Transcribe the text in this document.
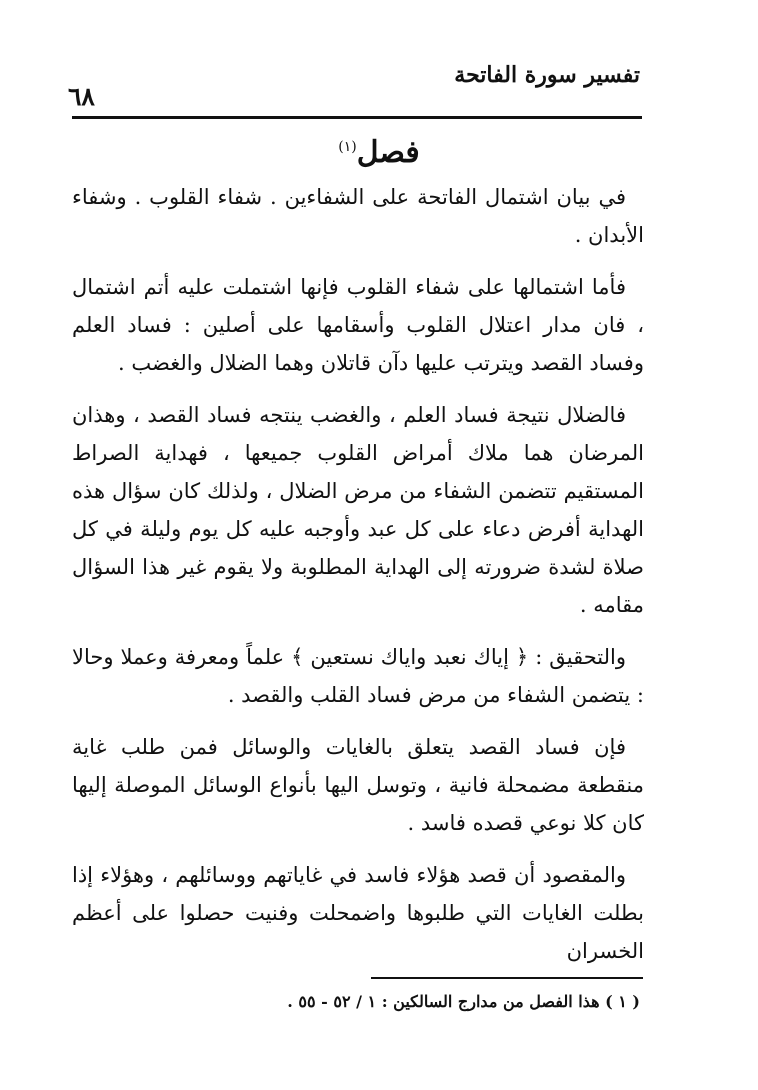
تفسير سورة الفاتحة
٦٨
فصل$^{(١)}$

في بيان اشتمال الفاتحة على الشفاءين . شفاء القلوب . وشفاء الأبدان .

فأما اشتمالها على شفاء القلوب فإنها اشتملت عليه أتم اشتمال ، فان مدار اعتلال القلوب وأسقامها على أصلين : فساد العلم وفساد القصد ويترتب عليها دآن قاتلان وهما الضلال والغضب .

فالضلال نتيجة فساد العلم ، والغضب ينتجه فساد القصد ، وهذان المرضان هما ملاك أمراض القلوب جميعها ، فهداية الصراط المستقيم تتضمن الشفاء من مرض الضلال ، ولذلك كان سؤال هذه الهداية أفرض دعاء على كل عبد وأوجبه عليه كل يوم وليلة في كل صلاة لشدة ضرورته إلى الهداية المطلوبة ولا يقوم غير هذا السؤال مقامه .

والتحقيق : ﴿ إياك نعبد واياك نستعين ﴾ علماً ومعرفة وعملا وحالا : يتضمن الشفاء من مرض فساد القلب والقصد .

فإن فساد القصد يتعلق بالغايات والوسائل فمن طلب غاية منقطعة مضمحلة فانية ، وتوسل اليها بأنواع الوسائل الموصلة إليها كان كلا نوعي قصده فاسد .

والمقصود أن قصد هؤلاء فاسد في غاياتهم ووسائلهم ، وهؤلاء إذا بطلت الغايات التي طلبوها واضمحلت وفنيت حصلوا على أعظم الخسران

( ١ ) هذا الفصل من مدارج السالكين : ١ / ٥٢ - ٥٥ .
